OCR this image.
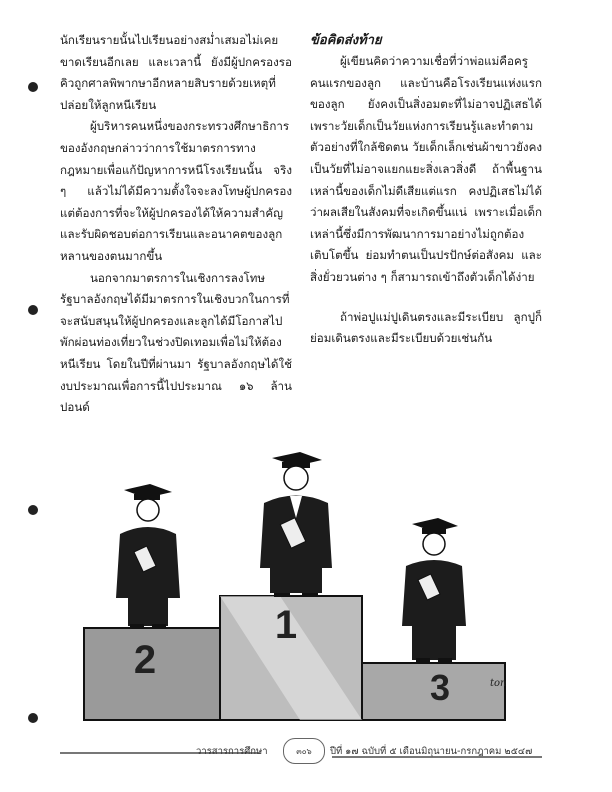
นักเรียนรายนั้นไปเรียนอย่างสม่ำเสมอไม่เคยขาดเรียนอีกเลย และเวลานี้ ยังมีผู้ปกครองรอคิวถูกศาลพิพากษาอีกหลายสิบรายด้วยเหตุที่ปล่อยให้ลูกหนีเรียน

ผู้บริหารคนหนึ่งของกระทรวงศึกษาธิการของอังกฤษกล่าวว่าการใช้มาตรการทางกฎหมายเพื่อแก้ปัญหาการหนีโรงเรียนนั้น จริง ๆ แล้วไม่ได้มีความตั้งใจจะลงโทษผู้ปกครอง แต่ต้องการที่จะให้ผู้ปกครองได้ให้ความสำคัญและรับผิดชอบต่อการเรียนและอนาคตของลูกหลานของตนมากขึ้น

นอกจากมาตรการในเชิงการลงโทษ รัฐบาลอังกฤษได้มีมาตรการในเชิงบวกในการที่จะสนับสนุนให้ผู้ปกครองและลูกได้มีโอกาสไปพักผ่อนท่องเที่ยวในช่วงปิดเทอมเพื่อไม่ให้ต้องหนีเรียน โดยในปีที่ผ่านมา รัฐบาลอังกฤษได้ใช้งบประมาณเพื่อการนี้ไปประมาณ ๑๖ ล้านปอนด์

ข้อคิดส่งท้าย

ผู้เขียนคิดว่าความเชื่อที่ว่าพ่อแม่คือครูคนแรกของลูก และบ้านคือโรงเรียนแห่งแรกของลูก ยังคงเป็นสิ่งอมตะที่ไม่อาจปฏิเสธได้ เพราะวัยเด็กเป็นวัยแห่งการเรียนรู้และทำตามตัวอย่างที่ใกล้ชิดตน วัยเด็กเล็กเช่นผ้าขาวยังคงเป็นวัยที่ไม่อาจแยกแยะสิ่งเลวสิ่งดี ถ้าพื้นฐานเหล่านี้ของเด็กไม่ดีเสียแต่แรก คงปฏิเสธไม่ได้ว่าผลเสียในสังคมที่จะเกิดขึ้นแน่ เพราะเมื่อเด็กเหล่านี้ซึ่งมีการพัฒนาการมาอย่างไม่ถูกต้องเติบโตขึ้น ย่อมทำตนเป็นปรปักษ์ต่อสังคม และสิ่งยั่วยวนต่าง ๆ ก็สามารถเข้าถึงตัวเด็กได้ง่าย

ถ้าพ่อปูแม่ปูเดินตรงและมีระเบียบ ลูกปูก็ย่อมเดินตรงและมีระเบียบด้วยเช่นกัน

2
1
3	ton
วารสารการศึกษา	๓๐๖ ปีที่ ๑๗ ฉบับที่ ๕ เดือนมิถุนายน-กรกฎาคม ๒๕๔๗
